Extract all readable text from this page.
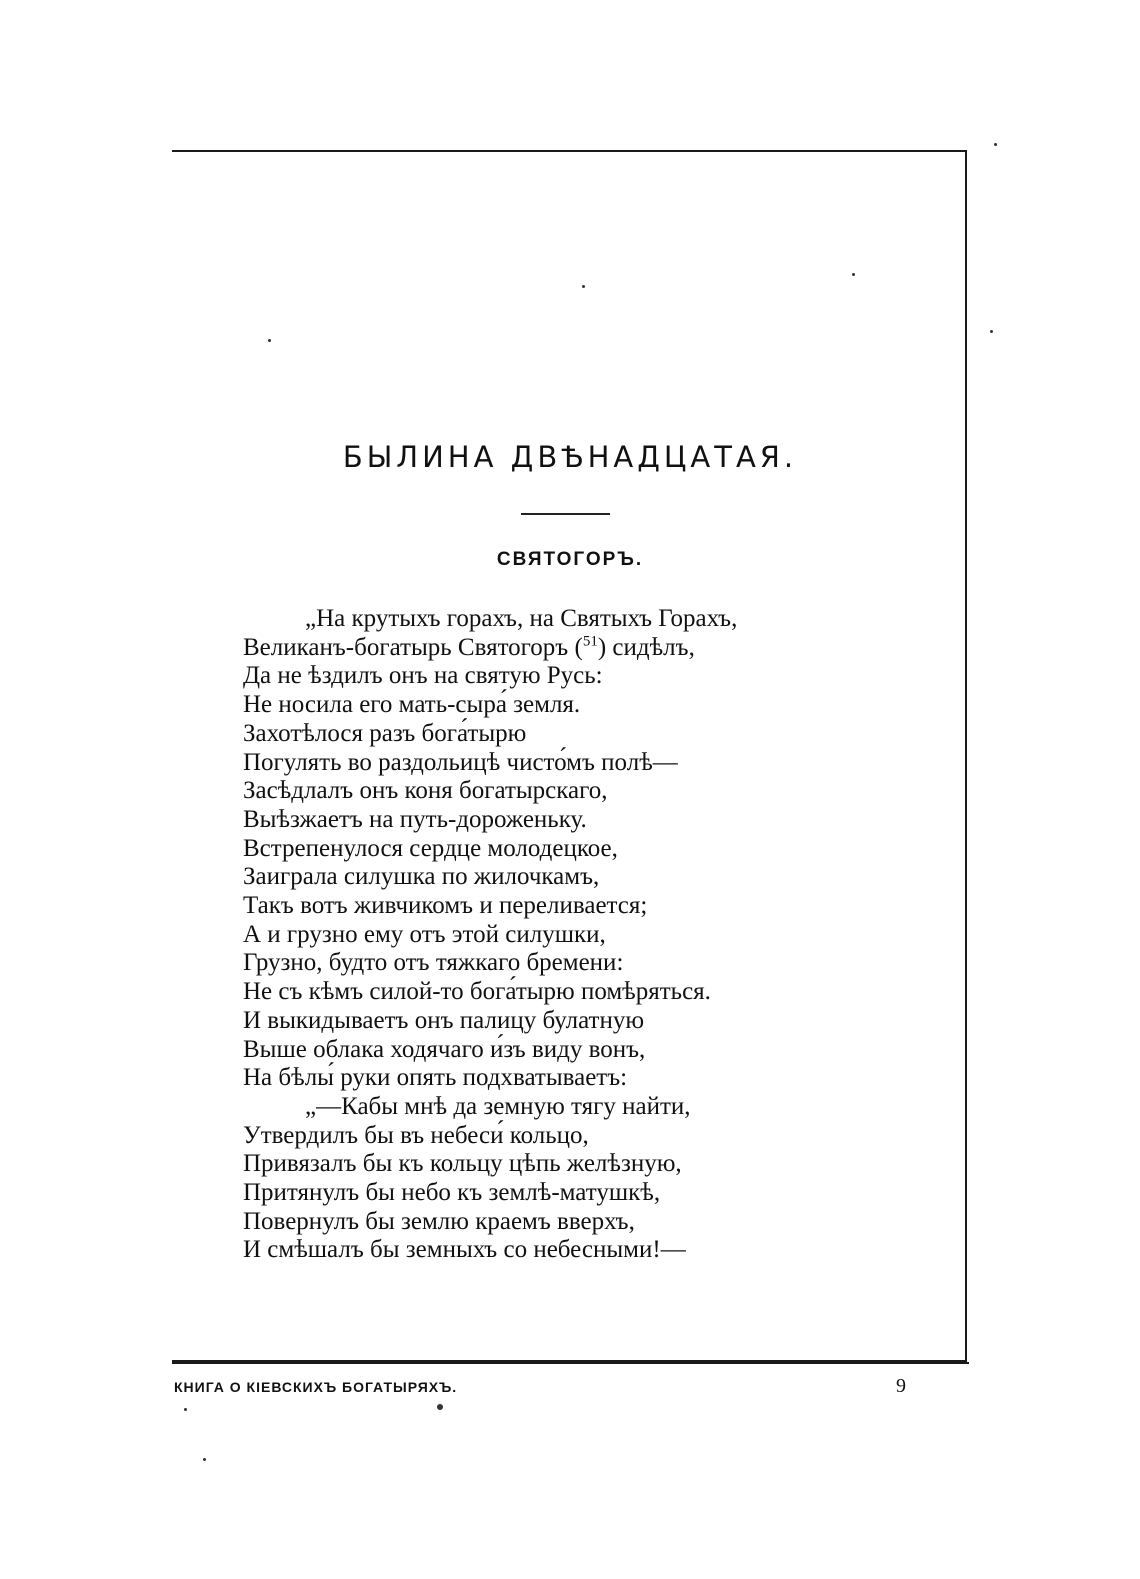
БЫЛИНА ДВѢНАДЦАТАЯ.
СВЯТОГОРЪ.
„На крутыхъ горахъ, на Святыхъ Горахъ,
Великанъ-богатырь Святогоръ ($^{51}$) сидѣлъ,
Да не ѣздилъ онъ на святую Русь:
Не носила его мать-сыра́ земля.
Захотѣлося разъ бога́тырю
Погулять во раздольицѣ чисто́мъ полѣ—
Засѣдлалъ онъ коня богатырскаго,
Выѣзжаетъ на путь-дороженьку.
Встрепенулося сердце молодецкое,
Заиграла силушка по жилочкамъ,
Такъ вотъ живчикомъ и переливается;
А и грузно ему отъ этой силушки,
Грузно, будто отъ тяжкаго бремени:
Не съ кѣмъ силой-то бога́тырю помѣряться.
И выкидываетъ онъ палицу булатную
Выше облака ходячаго и́зъ виду вонъ,
На бѣлы́ руки опять подхватываетъ:
„—Кабы мнѣ да земную тягу найти,
Утвердилъ бы въ небеси́ кольцо,
Привязалъ бы къ кольцу цѣпь желѣзную,
Притянулъ бы небо къ землѣ-матушкѣ,
Повернулъ бы землю краемъ вверхъ,
И смѣшалъ бы земныхъ со небесными!—
КНИГА О КІЕВСКИХЪ БОГАТЫРЯХЪ.	9
